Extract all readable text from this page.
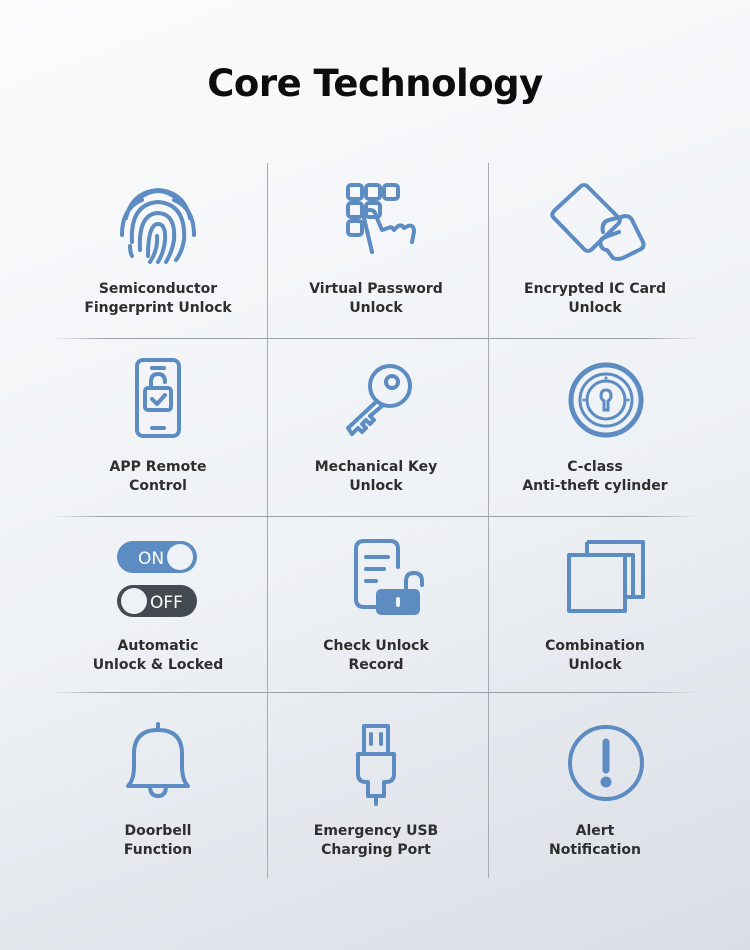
Core Technology
Semiconductor
Fingerprint Unlock
Virtual Password
Unlock
Encrypted IC Card
Unlock
APP Remote
Control
Mechanical Key
Unlock
C-class
Anti-theft cylinder
ON
OFF
Automatic
Unlock & Locked
Check Unlock
Record
Combination
Unlock
Doorbell
Function
Emergency USB
Charging Port
Alert
Notification
